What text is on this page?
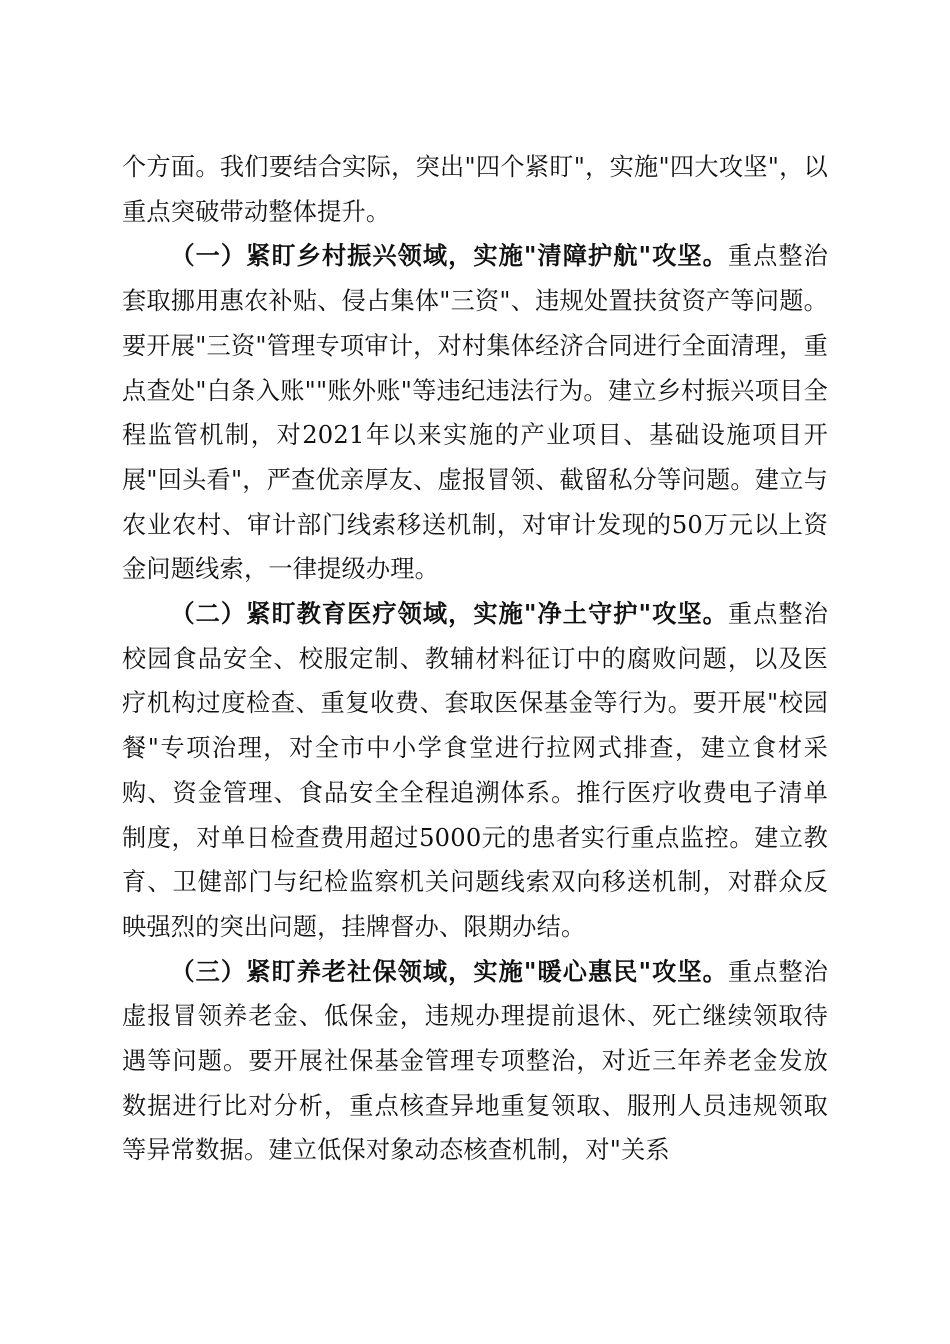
个方面。我们要结合实际，突出"四个紧盯"，实施"四大攻坚"，以重点突破带动整体提升。

（一）紧盯乡村振兴领域，实施"清障护航"攻坚。重点整治套取挪用惠农补贴、侵占集体"三资"、违规处置扶贫资产等问题。要开展"三资"管理专项审计，对村集体经济合同进行全面清理，重点查处"白条入账""账外账"等违纪违法行为。建立乡村振兴项目全程监管机制，对2021年以来实施的产业项目、基础设施项目开展"回头看"，严查优亲厚友、虚报冒领、截留私分等问题。建立与农业农村、审计部门线索移送机制，对审计发现的50万元以上资金问题线索，一律提级办理。

（二）紧盯教育医疗领域，实施"净土守护"攻坚。重点整治校园食品安全、校服定制、教辅材料征订中的腐败问题，以及医疗机构过度检查、重复收费、套取医保基金等行为。要开展"校园餐"专项治理，对全市中小学食堂进行拉网式排查，建立食材采购、资金管理、食品安全全程追溯体系。推行医疗收费电子清单制度，对单日检查费用超过5000元的患者实行重点监控。建立教育、卫健部门与纪检监察机关问题线索双向移送机制，对群众反映强烈的突出问题，挂牌督办、限期办结。

（三）紧盯养老社保领域，实施"暖心惠民"攻坚。重点整治虚报冒领养老金、低保金，违规办理提前退休、死亡继续领取待遇等问题。要开展社保基金管理专项整治，对近三年养老金发放数据进行比对分析，重点核查异地重复领取、服刑人员违规领取等异常数据。建立低保对象动态核查机制，对"关系
